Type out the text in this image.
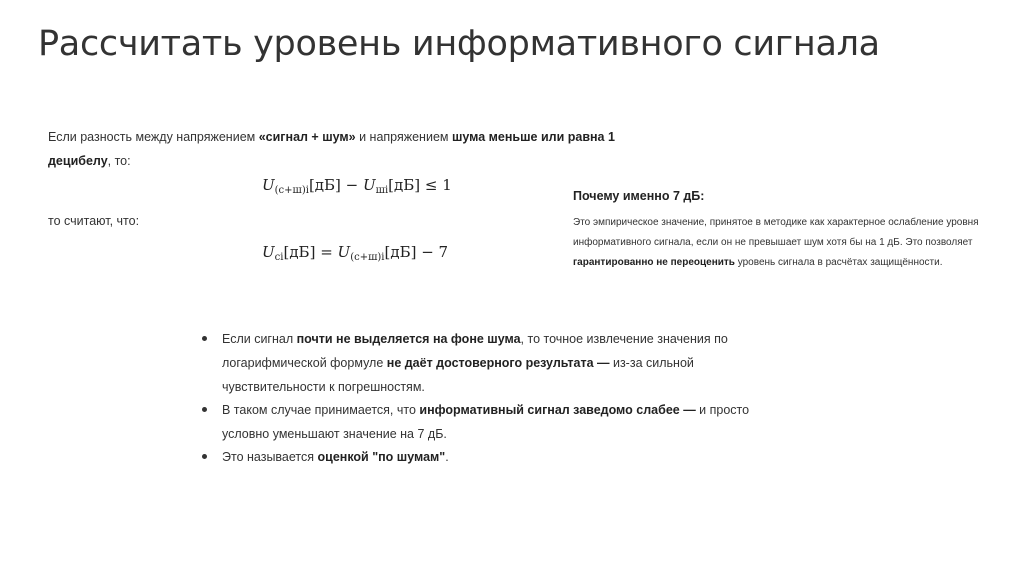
Рассчитать уровень информативного сигнала
Если разность между напряжением «сигнал + шум» и напряжением шума меньше или равна 1 децибелу, то:
$U_{(с+ш)i}[дБ] - U_{шi}[дБ] \le 1$
то считают, что:
$U_{ci}[дБ] = U_{(с+ш)i}[дБ] - 7$
Почему именно 7 дБ:
Это эмпирическое значение, принятое в методике как характерное ослабление уровня информативного сигнала, если он не превышает шум хотя бы на 1 дБ. Это позволяет гарантированно не переоценить уровень сигнала в расчётах защищённости.
Если сигнал почти не выделяется на фоне шума, то точное извлечение значения по логарифмической формуле не даёт достоверного результата — из-за сильной чувствительности к погрешностям.
В таком случае принимается, что информативный сигнал заведомо слабее — и просто условно уменьшают значение на 7 дБ.
Это называется оценкой "по шумам".
